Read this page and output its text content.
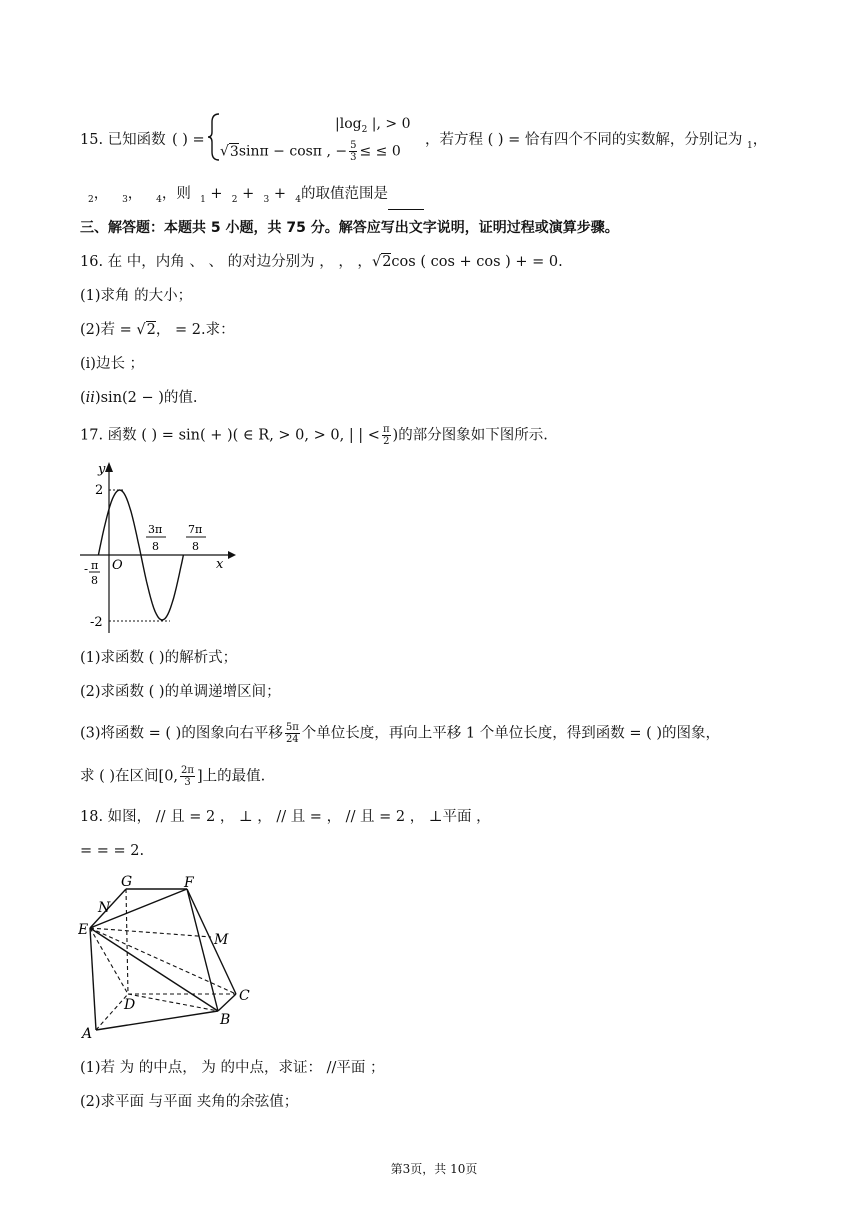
15. 已知函数 ( ) =
$|\log_2$ |, > 0
√3sinπ − cosπ , − $\frac{5}{3}$ ≤ ≤ 0
，若方程 ( ) = 恰有四个不同的实数解，分别记为 $_1$，
$_2$， $_3$， $_4$，则 $_1$ +  $_2$ +  $_3$ +  $_4$的取值范围是
三、解答题：本题共 5 小题，共 75 分。解答应写出文字说明，证明过程或演算步骤。
16. 在 中，内角 、 、 的对边分别为 ， ， ，√2cos ( cos + cos ) + = 0.
(1)求角 的大小；
(2)若 = √2， = 2.求：
(i)边长 ；
(ii)sin(2 − )的值.
17. 函数 ( ) = sin( + )( ∈ R, > 0, > 0, | | < $\frac{\pi}{2}$ )的部分图象如下图所示.
y
x
O
2
-2
- π
8
3π
8
7π
8
(1)求函数 ( )的解析式；
(2)求函数 ( )的单调递增区间；
(3)将函数 = ( )的图象向右平移 $\frac{5\pi}{24}$ 个单位长度，再向上平移 1 个单位长度，得到函数 = ( )的图象，
求 ( )在区间[0, $\frac{2\pi}{3}$ ]上的最值.
18. 如图， // 且 = 2 ， ⊥ ， // 且 = ， // 且 = 2 ， ⊥平面 ，
= = = 2.
G	F
N
E
M
D
C
B
A
(1)若 为 的中点， 为 的中点，求证： //平面 ；
(2)求平面 与平面 夹角的余弦值；
第3页，共 10页
